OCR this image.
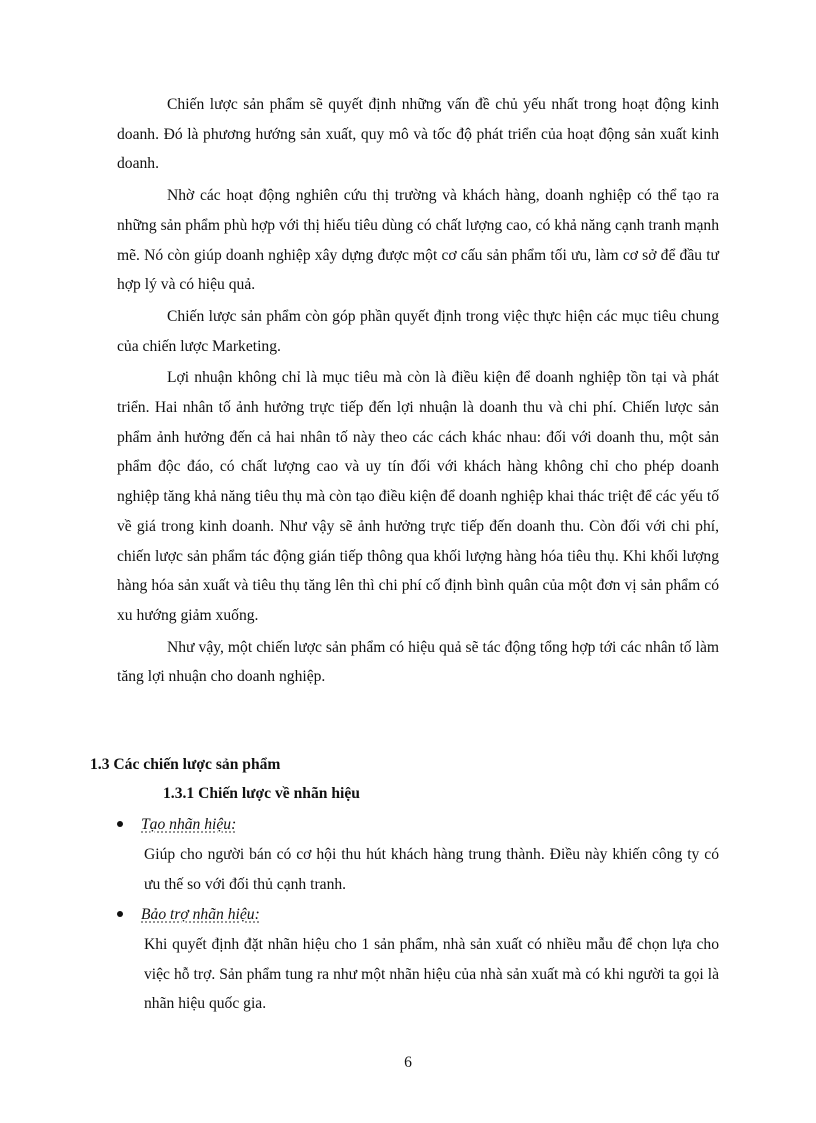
Chiến lược sản phẩm sẽ quyết định những vấn đề chủ yếu nhất trong hoạt động kinh doanh. Đó là phương hướng sản xuất, quy mô và tốc độ phát triển của hoạt động sản xuất kinh doanh.

Nhờ các hoạt động nghiên cứu thị trường và khách hàng, doanh nghiệp có thể tạo ra những sản phẩm phù hợp với thị hiếu tiêu dùng có chất lượng cao, có khả năng cạnh tranh mạnh mẽ. Nó còn giúp doanh nghiệp xây dựng được một cơ cấu sản phẩm tối ưu, làm cơ sở để đầu tư hợp lý và có hiệu quả.

Chiến lược sản phẩm còn góp phần quyết định trong việc thực hiện các mục tiêu chung của chiến lược Marketing.

Lợi nhuận không chỉ là mục tiêu mà còn là điều kiện để doanh nghiệp tồn tại và phát triển. Hai nhân tố ảnh hưởng trực tiếp đến lợi nhuận là doanh thu và chi phí. Chiến lược sản phẩm ảnh hưởng đến cả hai nhân tố này theo các cách khác nhau: đối với doanh thu, một sản phẩm độc đáo, có chất lượng cao và uy tín đối với khách hàng không chỉ cho phép doanh nghiệp tăng khả năng tiêu thụ mà còn tạo điều kiện để doanh nghiệp khai thác triệt để các yếu tố về giá trong kinh doanh. Như vậy sẽ ảnh hưởng trực tiếp đến doanh thu. Còn đối với chi phí, chiến lược sản phẩm tác động gián tiếp thông qua khối lượng hàng hóa tiêu thụ. Khi khối lượng hàng hóa sản xuất và tiêu thụ tăng lên thì chi phí cố định bình quân của một đơn vị sản phẩm có xu hướng giảm xuống.

Như vậy, một chiến lược sản phẩm có hiệu quả sẽ tác động tổng hợp tới các nhân tố làm tăng lợi nhuận cho doanh nghiệp.

1.3 Các chiến lược sản phẩm
1.3.1 Chiến lược về nhãn hiệu
Tạo nhãn hiệu:

Giúp cho người bán có cơ hội thu hút khách hàng trung thành. Điều này khiến công ty có ưu thế so với đối thủ cạnh tranh.

Bảo trợ nhãn hiệu:

Khi quyết định đặt nhãn hiệu cho 1 sản phẩm, nhà sản xuất có nhiều mẫu để chọn lựa cho việc hỗ trợ. Sản phẩm tung ra như một nhãn hiệu của nhà sản xuất mà có khi người ta gọi là nhãn hiệu quốc gia.

6
